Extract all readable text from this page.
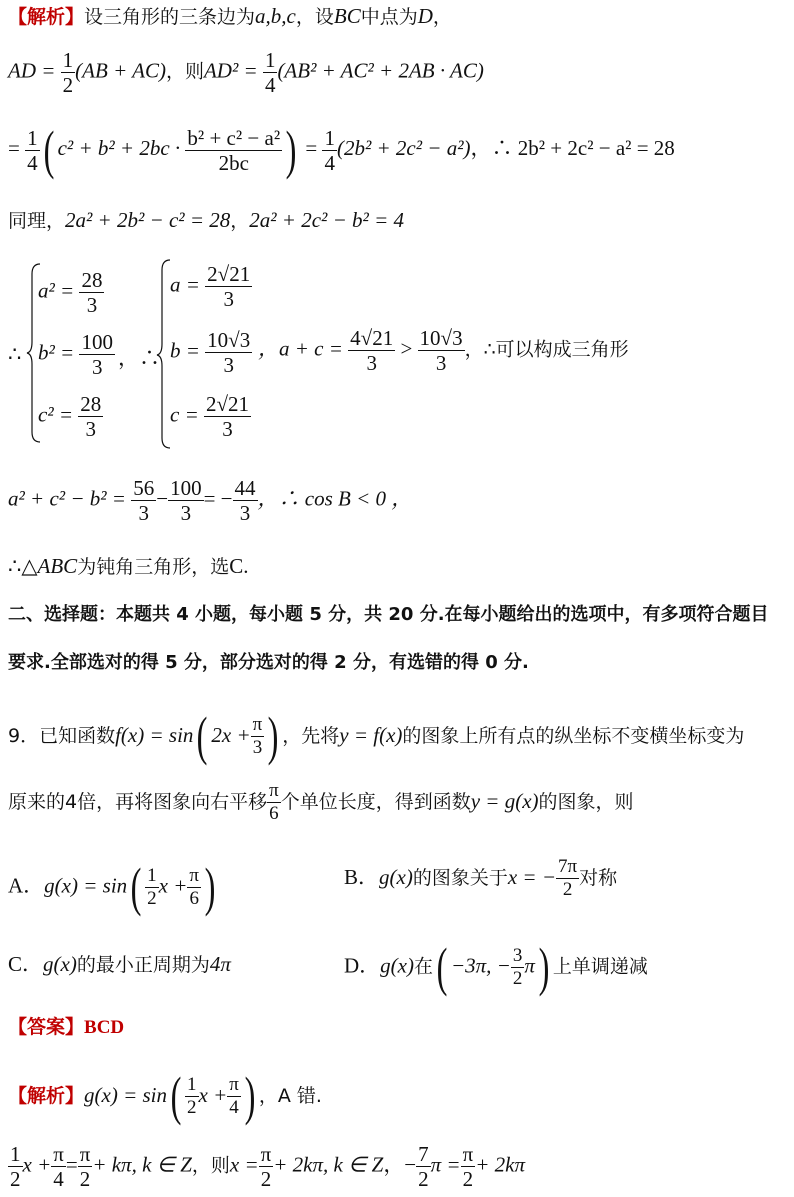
【解析】设三角形的三条边为a,b,c，设BC中点为D，
AD = $\frac{1}{2} (AB + AC)$，则$AD^2 = \frac{1}{4} (AB^2 + AC^2 + 2AB \cdot AC)$
= $\frac{1}{4}$ ( $c^2 + b^2 + 2bc \cdot \frac{\text{b² + c² − a²}}{2bc}$ ) = $\frac{1}{4} (2b^2 + 2c^2 - a^2)$，∴ 2b² + 2c² − a² = 28
同理，2a² + 2b² − c² = 28，2a² + 2c² − b² = 4
∴
$a^2 = \frac{28}{3}$
$b^2 = \frac{100}{3}$
$c^2 = \frac{28}{3}$
，∴
$a = \frac{2√21}{3}$
$b = \frac{10√3}{3}$
$c = \frac{2√21}{3}$
，$a + c = \frac{4√21}{3} > \frac{10√3}{3}$ ，∴可以构成三角形
$a^2 + c^2 - b^2 = \frac{56}{3} - \frac{100}{3}$ = − $\frac{44}{3}$ ，∴ cos B < 0 ，
∴△ABC为钝角三角形，选C.
二、选择题：本题共 4 小题，每小题 5 分，共 20 分.在每小题给出的选项中，有多项符合题目
要求.全部选对的得 5 分，部分选对的得 2 分，有选错的得 0 分.
9．已知函数f(x) = sin( $2x + \frac{\pi}{3}$ ) ，先将y = f(x)的图象上所有点的纵坐标不变横坐标变为
原来的4倍，再将图象向右平移 $\frac{\pi}{6}$ 个单位长度，得到函数y = g(x)的图象，则
A．$g(x) = \sin( \frac{1}{2}$ $x + \frac{\pi}{6}$ )	B．g(x)的图象关于x = − $\frac{7\pi}{2}$ 对称
C．g(x)的最小正周期为4π	D．g(x)在( −3π, − $\frac{3}{2} \pi$) 上单调递减
【答案】BCD
【解析】$g(x) = \sin( \frac{1}{2}$ $x + \frac{\pi}{4}$ ) ，A 错.
$\frac{1}{2}$ $x + \frac{\pi}{4} = \frac{\pi}{2} + k\pi$, k ∈ Z，则$x = \frac{\pi}{2} + 2k\pi$, k ∈ Z，− $\frac{7}{2}$ $\pi = \frac{\pi}{2} + 2k\pi$
